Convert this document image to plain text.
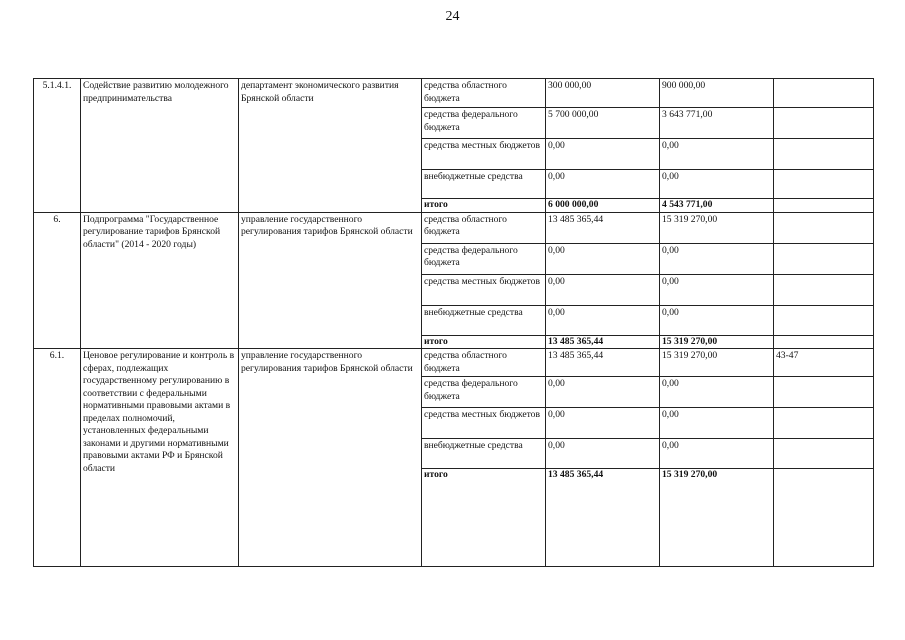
24
5.1.4.1.	Содействие развитию молодежного предпринимательства	департамент экономического развития Брянской области	средства областного бюджета	300 000,00	900 000,00	
			средства федерального бюджета	5 700 000,00	3 643 771,00	
			средства местных бюджетов	0,00	0,00	
			внебюджетные средства	0,00	0,00	
			итого	6 000 000,00	4 543 771,00	
6.	Подпрограмма "Государственное регулирование тарифов Брянской области" (2014 - 2020 годы)	управление государственного регулирования тарифов Брянской области	средства областного бюджета	13 485 365,44	15 319 270,00	
			средства федерального бюджета	0,00	0,00	
			средства местных бюджетов	0,00	0,00	
			внебюджетные средства	0,00	0,00	
			итого	13 485 365,44	15 319 270,00	
6.1.	Ценовое регулирование и контроль в сферах, подлежащих государственному регулированию в соответствии с федеральными нормативными правовыми актами в пределах полномочий, установленных федеральными законами и другими нормативными правовыми актами РФ и Брянской области	управление государственного регулирования тарифов Брянской области	средства областного бюджета	13 485 365,44	15 319 270,00	43-47
			средства федерального бюджета	0,00	0,00	
			средства местных бюджетов	0,00	0,00	
			внебюджетные средства	0,00	0,00	
			итого	13 485 365,44	15 319 270,00	
